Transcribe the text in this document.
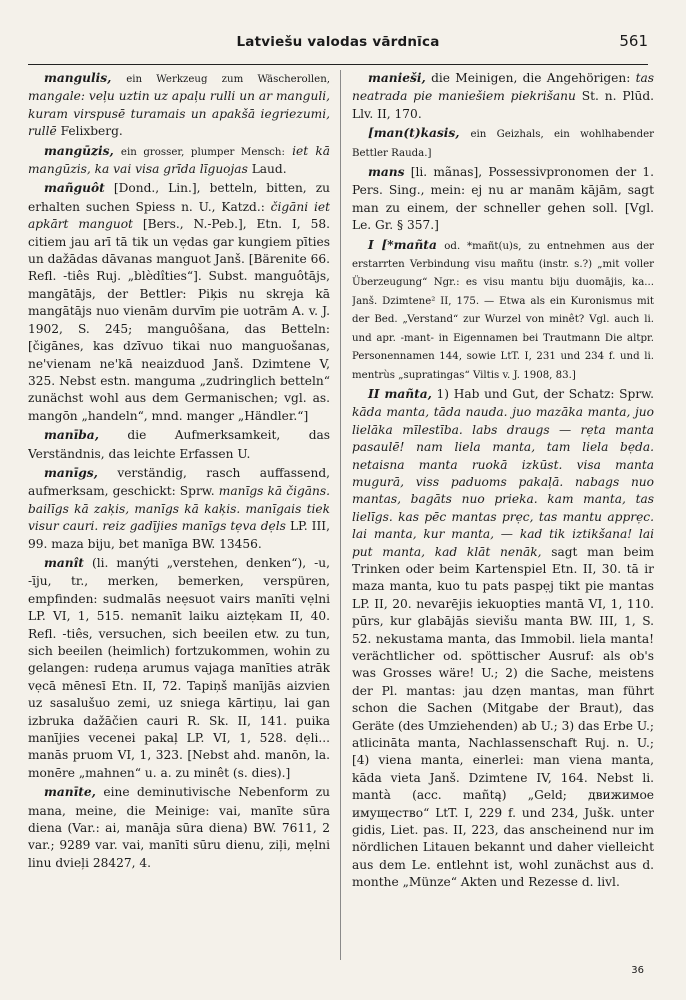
Latviešu valodas vārdnīca	561

mangulis, ein Werkzeug zum Wäscherollen, mangale: veļu uztin uz apaļu rulli un ar manguli, kuram virspusē turamais un apakšā iegriezumi, rullē Felixberg.

mangūzis, ein grosser, plumper Mensch: iet kā mangūzis, ka vai visa grīda līguojas Laud.

mañguôt [Dond., Lin.], betteln, bitten, zu erhalten suchen Spiess n. U., Katzd.: čigāni iet apkārt manguot [Bers., N.-Peb.], Etn. I, 58. citiem jau arī tā tik un vẹdas gar kungiem pīties un dažādas dāvanas manguot Janš. [Bärenite 66. Refl. -tiês Ruj. „blèdîties“]. Subst. manguôtājs, mangātājs, der Bettler: Piķis nu skrẹja kā mangātājs nuo vienām durvīm pie uotrām A. v. J. 1902, S. 245; manguôšana, das Betteln: [čigānes, kas dzīvuo tikai nuo manguošanas, ne'vienam ne'kā neaizduod Janš. Dzimtene V, 325. Nebst estn. manguma „zudringlich betteln“ zunächst wohl aus dem Germanischen; vgl. as. mangōn „handeln“, mnd. manger „Händler.“]

manība, die Aufmerksamkeit, das Verständnis, das leichte Erfassen U.

manīgs, verständig, rasch auffassend, aufmerksam, geschickt: Sprw. manīgs kā čigāns. bailīgs kā zaķis, manīgs kā kaķis. manīgais tiek visur cauri. reiz gadījies manīgs tẹva dẹls LP. III, 99. maza biju, bet manīga BW. 13456.

manît (li. manýti „verstehen, denken“), -u, -īju, tr., merken, bemerken, verspüren, empfinden: sudmalās neẹsuot vairs manīti vẹlni LP. VI, 1, 515. nemanīt laiku aiztẹkam II, 40. Refl. -tiês, versuchen, sich beeilen etw. zu tun, sich beeilen (heimlich) fortzukommen, wohin zu gelangen: rudeņa arumus vajaga manīties atrāk vẹcā mēnesī Etn. II, 72. Tapiņš manījās aizvien uz sasalušuo zemi, uz sniega kārtiņu, lai gan izbruka dažāčien cauri R. Sk. II, 141. puika manījies vecenei pakaļ LP. VI, 1, 528. dẹli... manās pruom VI, 1, 323. [Nebst ahd. manōn, la. monēre „mahnen“ u. a. zu minêt (s. dies).]

manīte, eine deminutivische Nebenform zu mana, meine, die Meinige: vai, manīte sūra diena (Var.: ai, manāja sūra diena) BW. 7611, 2 var.; 9289 var. vai, manīti sūru dienu, ziļi, mẹlni linu dvieļi 28427, 4.

manieši, die Meinigen, die Angehörigen: tas neatrada pie maniešiem piekrišanu St. n. Plūd. Llv. II, 170.

[man(t)kasis, ein Geizhals, ein wohlhabender Bettler Rauda.]

mans [li. mãnas], Possessivpronomen der 1. Pers. Sing., mein: ej nu ar manām kājām, sagt man zu einem, der schneller gehen soll. [Vgl. Le. Gr. § 357.]

I [*mañta od. *mañt(u)s, zu entnehmen aus der erstarrten Verbindung visu mañtu (instr. s.?) „mit voller Überzeugung“ Ngr.: es visu mantu biju duomājis, ka... Janš. Dzimtene² II, 175. — Etwa als ein Kuronismus mit der Bed. „Verstand“ zur Wurzel von minêt? Vgl. auch li. und apr. -mant- in Eigennamen bei Trautmann Die altpr. Personennamen 144, sowie LtT. I, 231 und 234 f. und li. mentrùs „supratingas“ Viltis v. J. 1908, 83.]

II mañta, 1) Hab und Gut, der Schatz: Sprw. kāda manta, tāda nauda. juo mazāka manta, juo lielāka mīlestība. labs draugs — rẹta manta pasaulē! nam liela manta, tam liela bẹda. netaisna manta ruokā izkūst. visa manta mugurā, viss paduoms pakaļā. nabags nuo mantas, bagāts nuo prieka. kam manta, tas lielīgs. kas pēc mantas prẹc, tas mantu apprẹc. lai manta, kur manta, — kad tik iztikšana! lai put manta, kad klāt nenāk, sagt man beim Trinken oder beim Kartenspiel Etn. II, 30. tā ir maza manta, kuo tu pats paspẹj tikt pie mantas LP. II, 20. nevarējis iekuopties mantā VI, 1, 110. pūrs, kur glabājās sievišu manta BW. III, 1, S. 52. nekustama manta, das Immobil. liela manta! verächtlicher od. spöttischer Ausruf: als ob's was Grosses wäre! U.; 2) die Sache, meistens der Pl. mantas: jau dzẹn mantas, man führt schon die Sachen (Mitgabe der Braut), das Geräte (des Umziehenden) ab U.; 3) das Erbe U.; atlicināta manta, Nachlassenschaft Ruj. n. U.; [4) viena manta, einerlei: man viena manta, kāda vieta Janš. Dzimtene IV, 164. Nebst li. mantà (acc. mañtą) „Geld; движимое имущество“ LtT. I, 229 f. und 234, Jušk. unter gidis, Liet. pas. II, 223, das anscheinend nur im nördlichen Litauen bekannt und daher vielleicht aus dem Le. entlehnt ist, wohl zunächst aus d. monthe „Münze“ Akten und Rezesse d. livl.

36
